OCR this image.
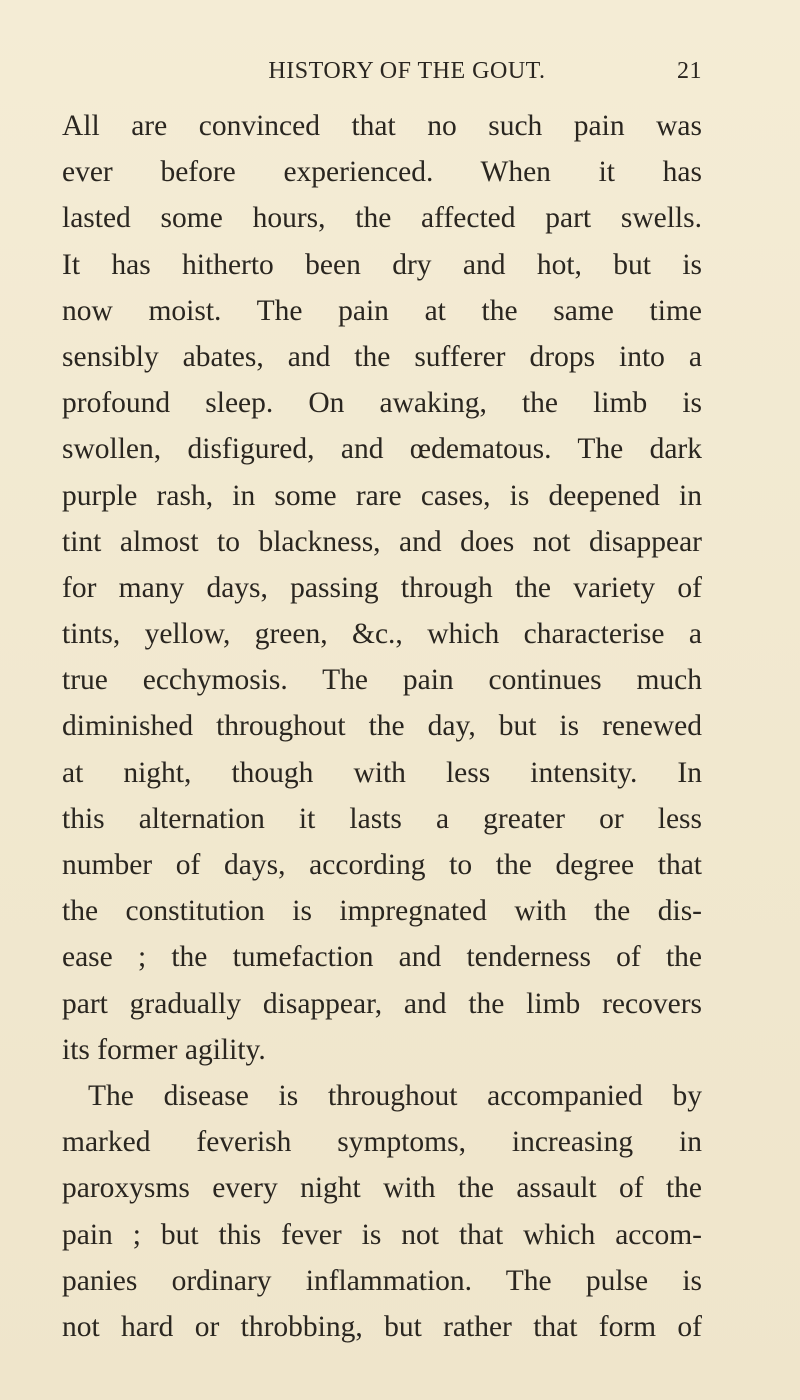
HISTORY OF THE GOUT.	21
All are convinced that no such pain was
ever before experienced. When it has
lasted some hours, the affected part swells.
It has hitherto been dry and hot, but is
now moist. The pain at the same time
sensibly abates, and the sufferer drops into a
profound sleep. On awaking, the limb is
swollen, disfigured, and œdematous. The dark
purple rash, in some rare cases, is deepened in
tint almost to blackness, and does not disappear
for many days, passing through the variety of
tints, yellow, green, &c., which characterise a
true ecchymosis. The pain continues much
diminished throughout the day, but is renewed
at night, though with less intensity. In
this alternation it lasts a greater or less
number of days, according to the degree that
the constitution is impregnated with the dis-
ease ; the tumefaction and tenderness of the
part gradually disappear, and the limb recovers
its former agility.
The disease is throughout accompanied by
marked feverish symptoms, increasing in
paroxysms every night with the assault of the
pain ; but this fever is not that which accom-
panies ordinary inflammation. The pulse is
not hard or throbbing, but rather that form of
